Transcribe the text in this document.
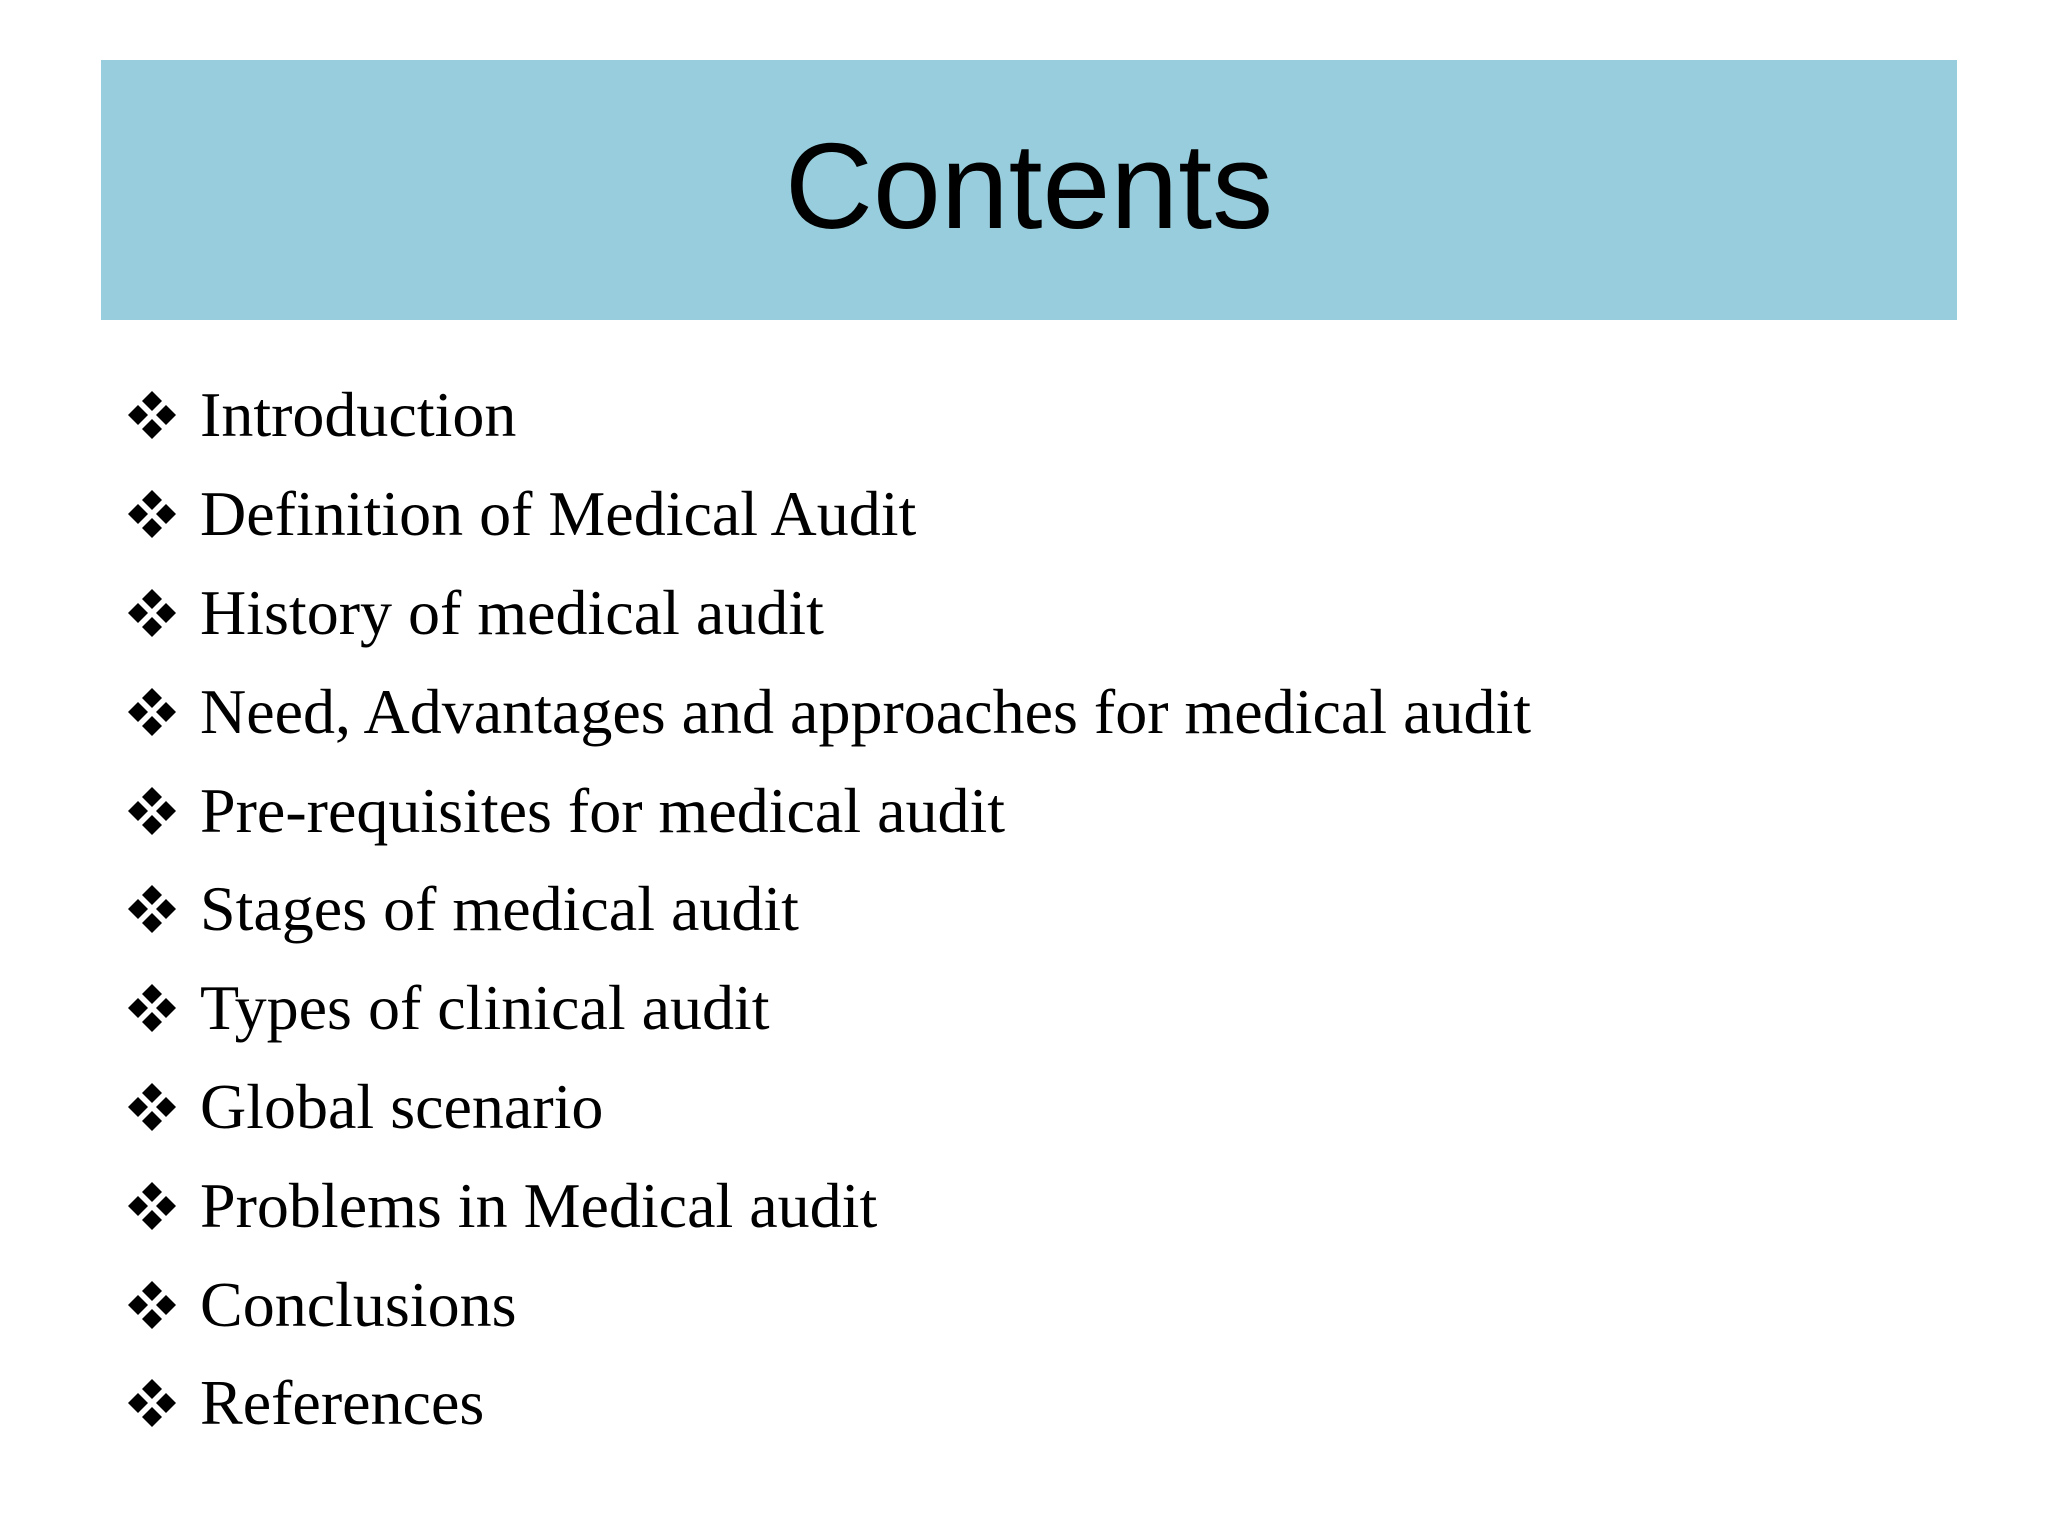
Contents
Introduction
Definition of Medical Audit
History of medical audit
Need, Advantages and approaches for medical audit
Pre-requisites for medical audit
Stages of medical audit
Types of clinical audit
Global scenario
Problems in Medical audit
Conclusions
References
